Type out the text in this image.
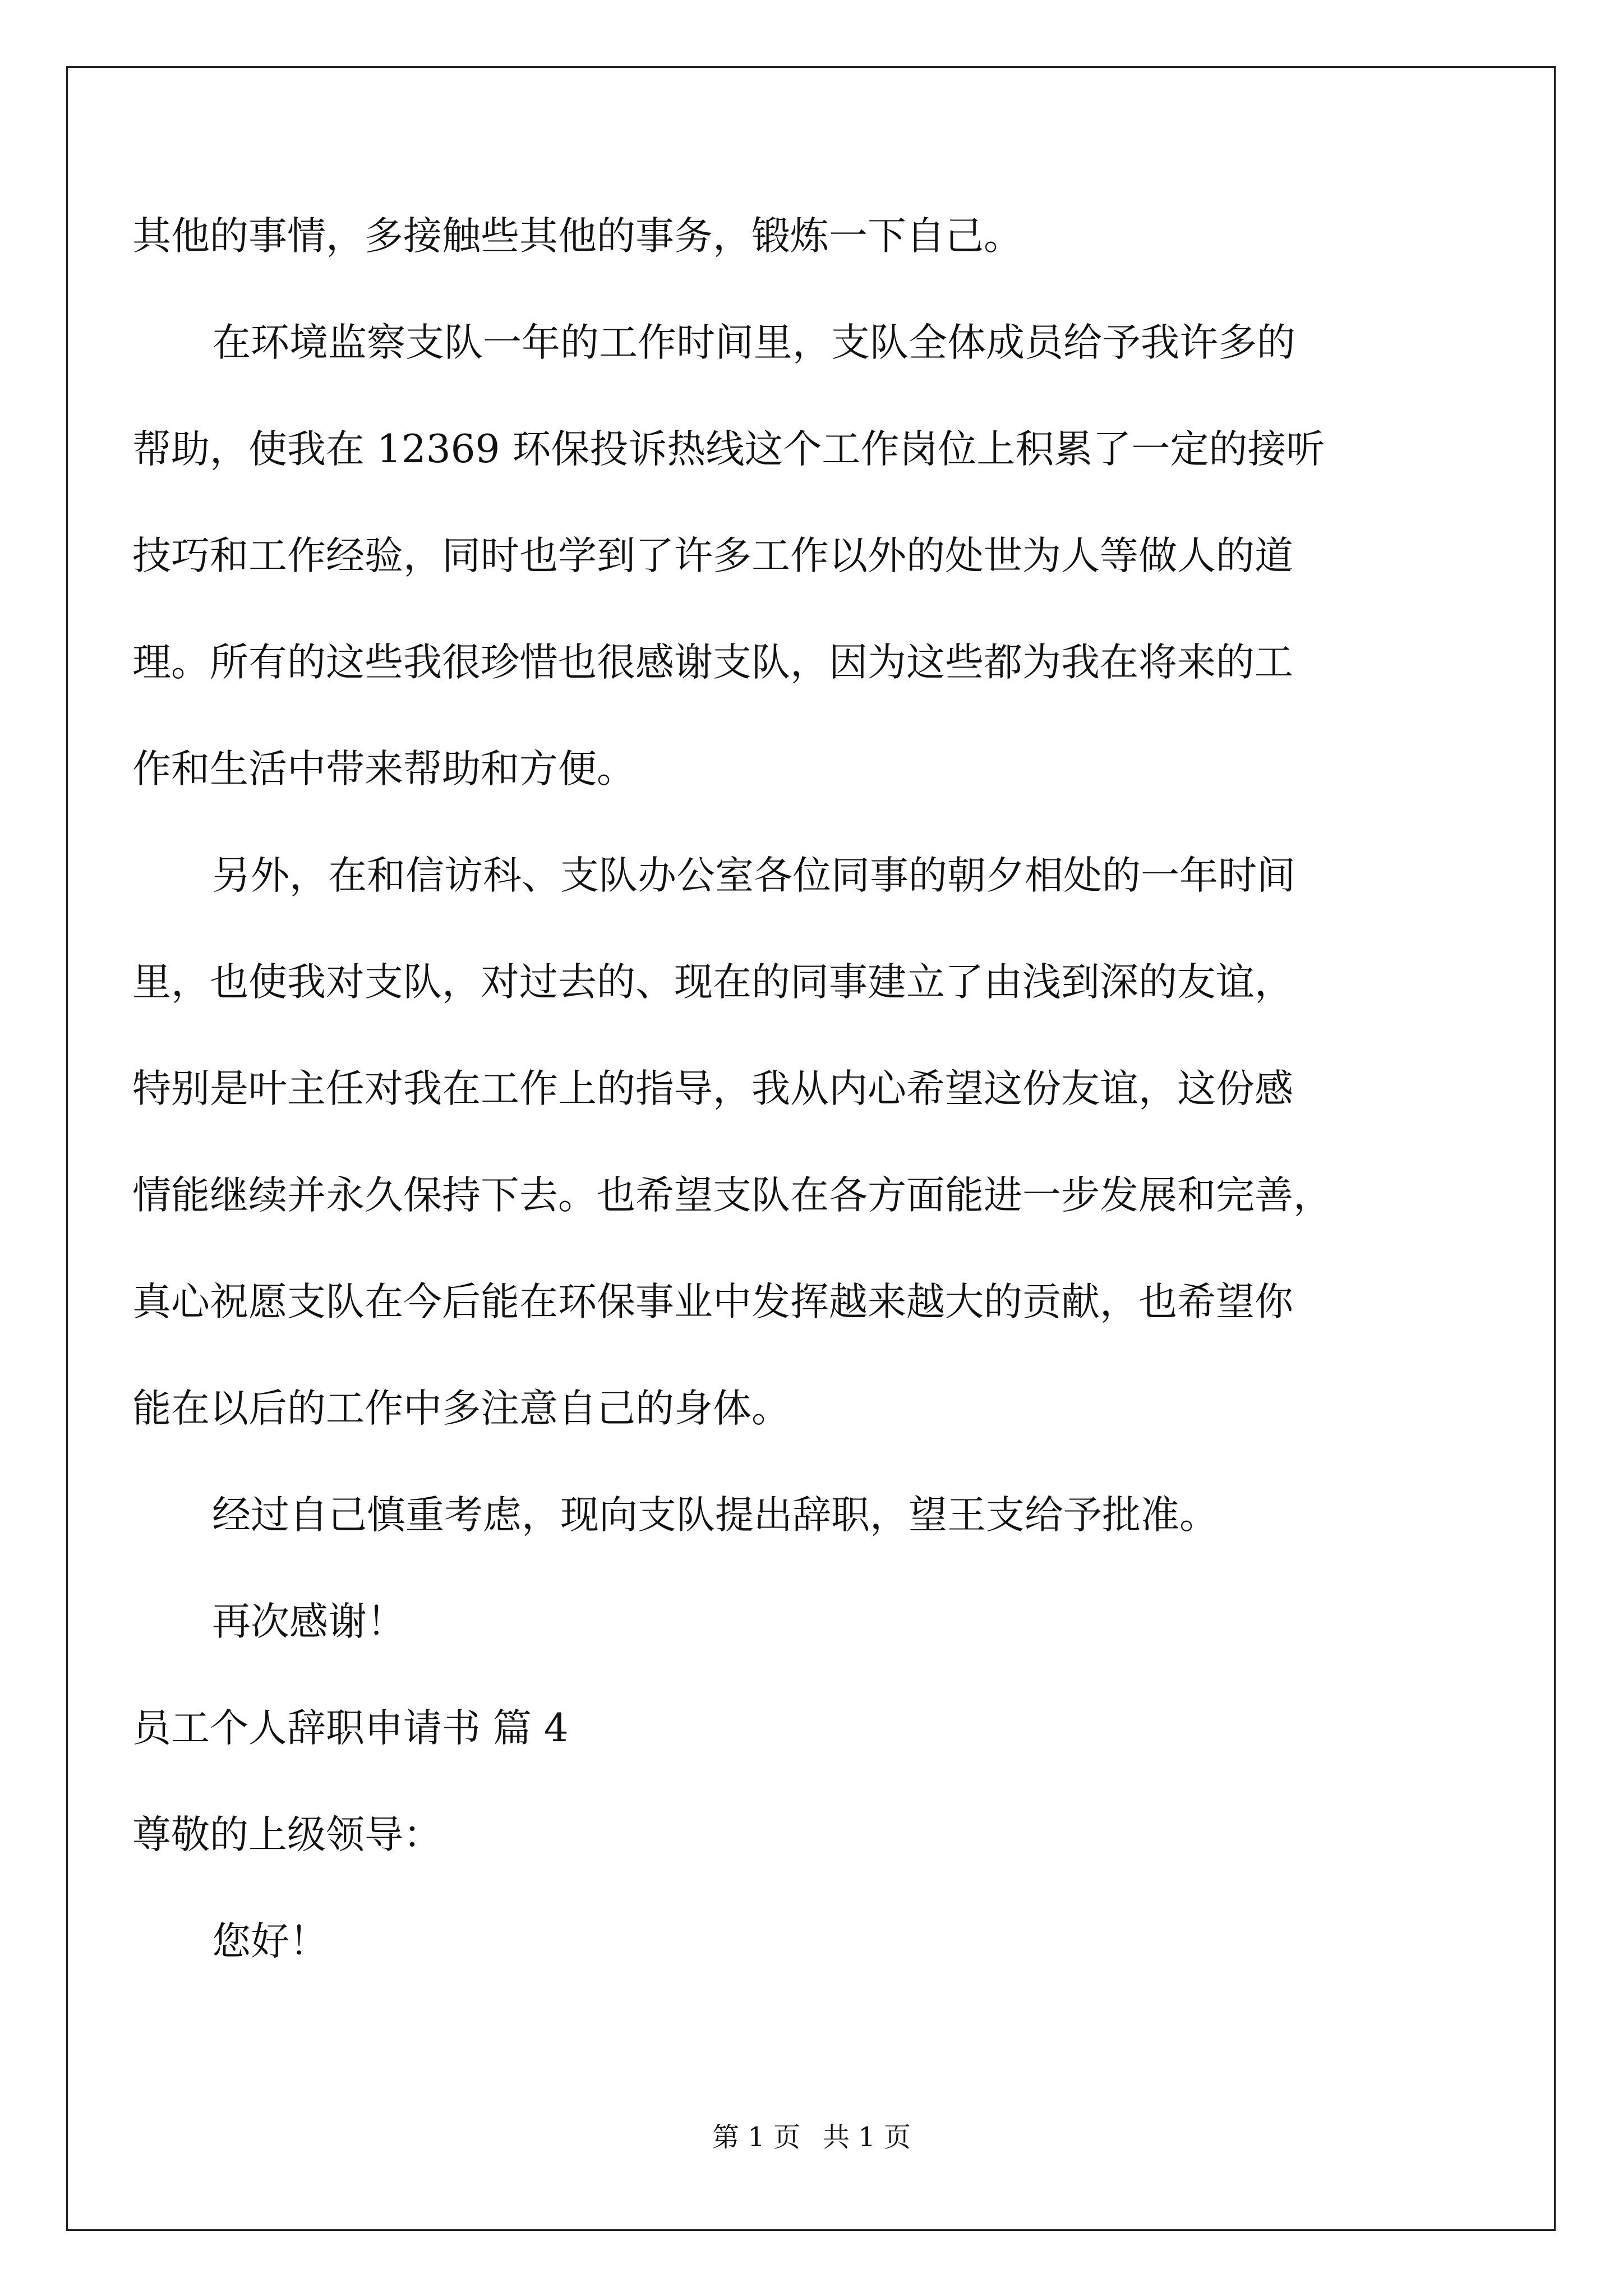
其他的事情，多接触些其他的事务，锻炼一下自己。
在环境监察支队一年的工作时间里，支队全体成员给予我许多的
帮助，使我在 12369 环保投诉热线这个工作岗位上积累了一定的接听
技巧和工作经验，同时也学到了许多工作以外的处世为人等做人的道
理。所有的这些我很珍惜也很感谢支队，因为这些都为我在将来的工
作和生活中带来帮助和方便。
另外，在和信访科、支队办公室各位同事的朝夕相处的一年时间
里，也使我对支队，对过去的、现在的同事建立了由浅到深的友谊，
特别是叶主任对我在工作上的指导，我从内心希望这份友谊，这份感
情能继续并永久保持下去。也希望支队在各方面能进一步发展和完善，
真心祝愿支队在今后能在环保事业中发挥越来越大的贡献，也希望你
能在以后的工作中多注意自己的身体。
经过自己慎重考虑，现向支队提出辞职，望王支给予批准。
再次感谢！
员工个人辞职申请书 篇 4
尊敬的上级领导：
您好！
第 1 页 共 1 页
